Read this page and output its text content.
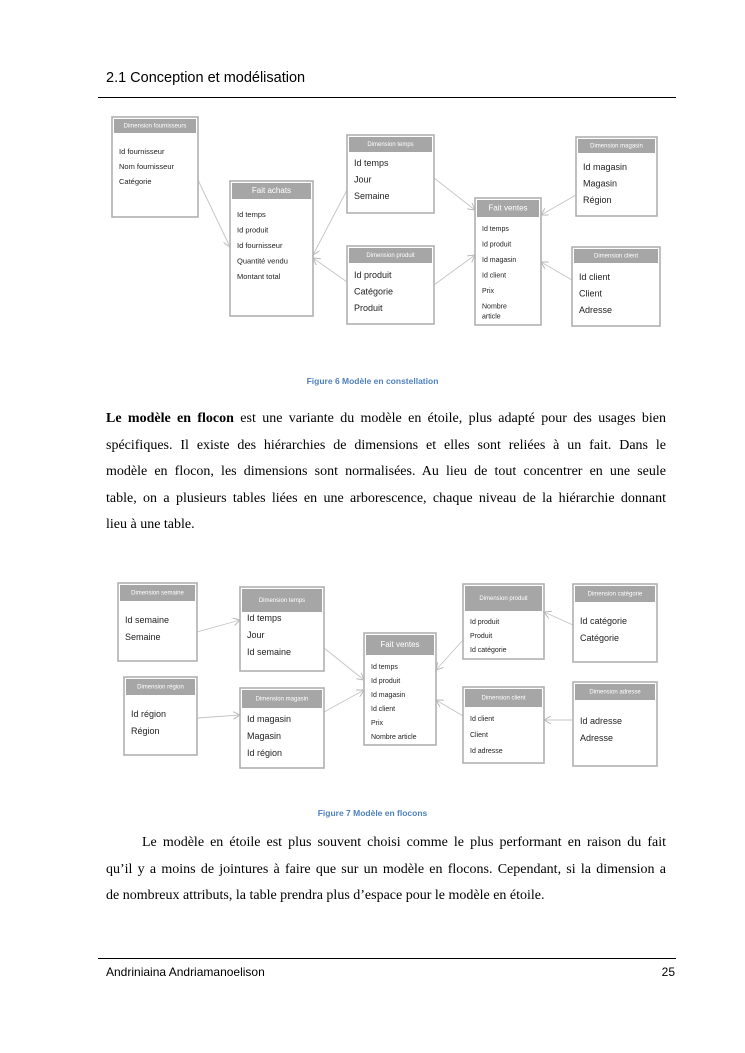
2.1 Conception et modélisation
Dimension fournisseurs
Id fournisseur
Nom fournisseur
Catégorie
Fait achats
Id temps
Id produit
Id fournisseur
Quantité vendu
Montant total
Dimension temps
Id temps
Jour
Semaine
Dimension produit
Id produit
Catégorie
Produit
Fait ventes
Id temps
Id produit
Id magasin
Id client
Prix
Nombre
article
Dimension magasin
Id magasin
Magasin
Région
Dimension client
Id client
Client
Adresse
Figure 6 Modèle en constellation
Le modèle en flocon est une variante du modèle en étoile, plus adapté pour des usages bien
spécifiques. Il existe des hiérarchies de dimensions et elles sont reliées à un fait. Dans le
modèle en flocon, les dimensions sont normalisées. Au lieu de tout concentrer en une seule
table, on a plusieurs tables liées en une arborescence, chaque niveau de la hiérarchie donnant
lieu à une table.
Dimension semaine
Id semaine
Semaine
Dimension région
Id région
Région
Dimension temps
Id temps
Jour
Id semaine
Dimension magasin
Id magasin
Magasin
Id région
Fait ventes
Id temps
Id produit
Id magasin
Id client
Prix
Nombre article
Dimension produit
Id produit
Produit
Id catégorie
Dimension client
Id client
Client
Id adresse
Dimension catégorie
Id catégorie
Catégorie
Dimension adresse
Id adresse
Adresse
Figure 7 Modèle en flocons
Le modèle en étoile est plus souvent choisi comme le plus performant en raison du fait
qu’il y a moins de jointures à faire que sur un modèle en flocons. Cependant, si la dimension a
de nombreux attributs, la table prendra plus d’espace pour le modèle en étoile.
Andriniaina Andriamanoelison	25
